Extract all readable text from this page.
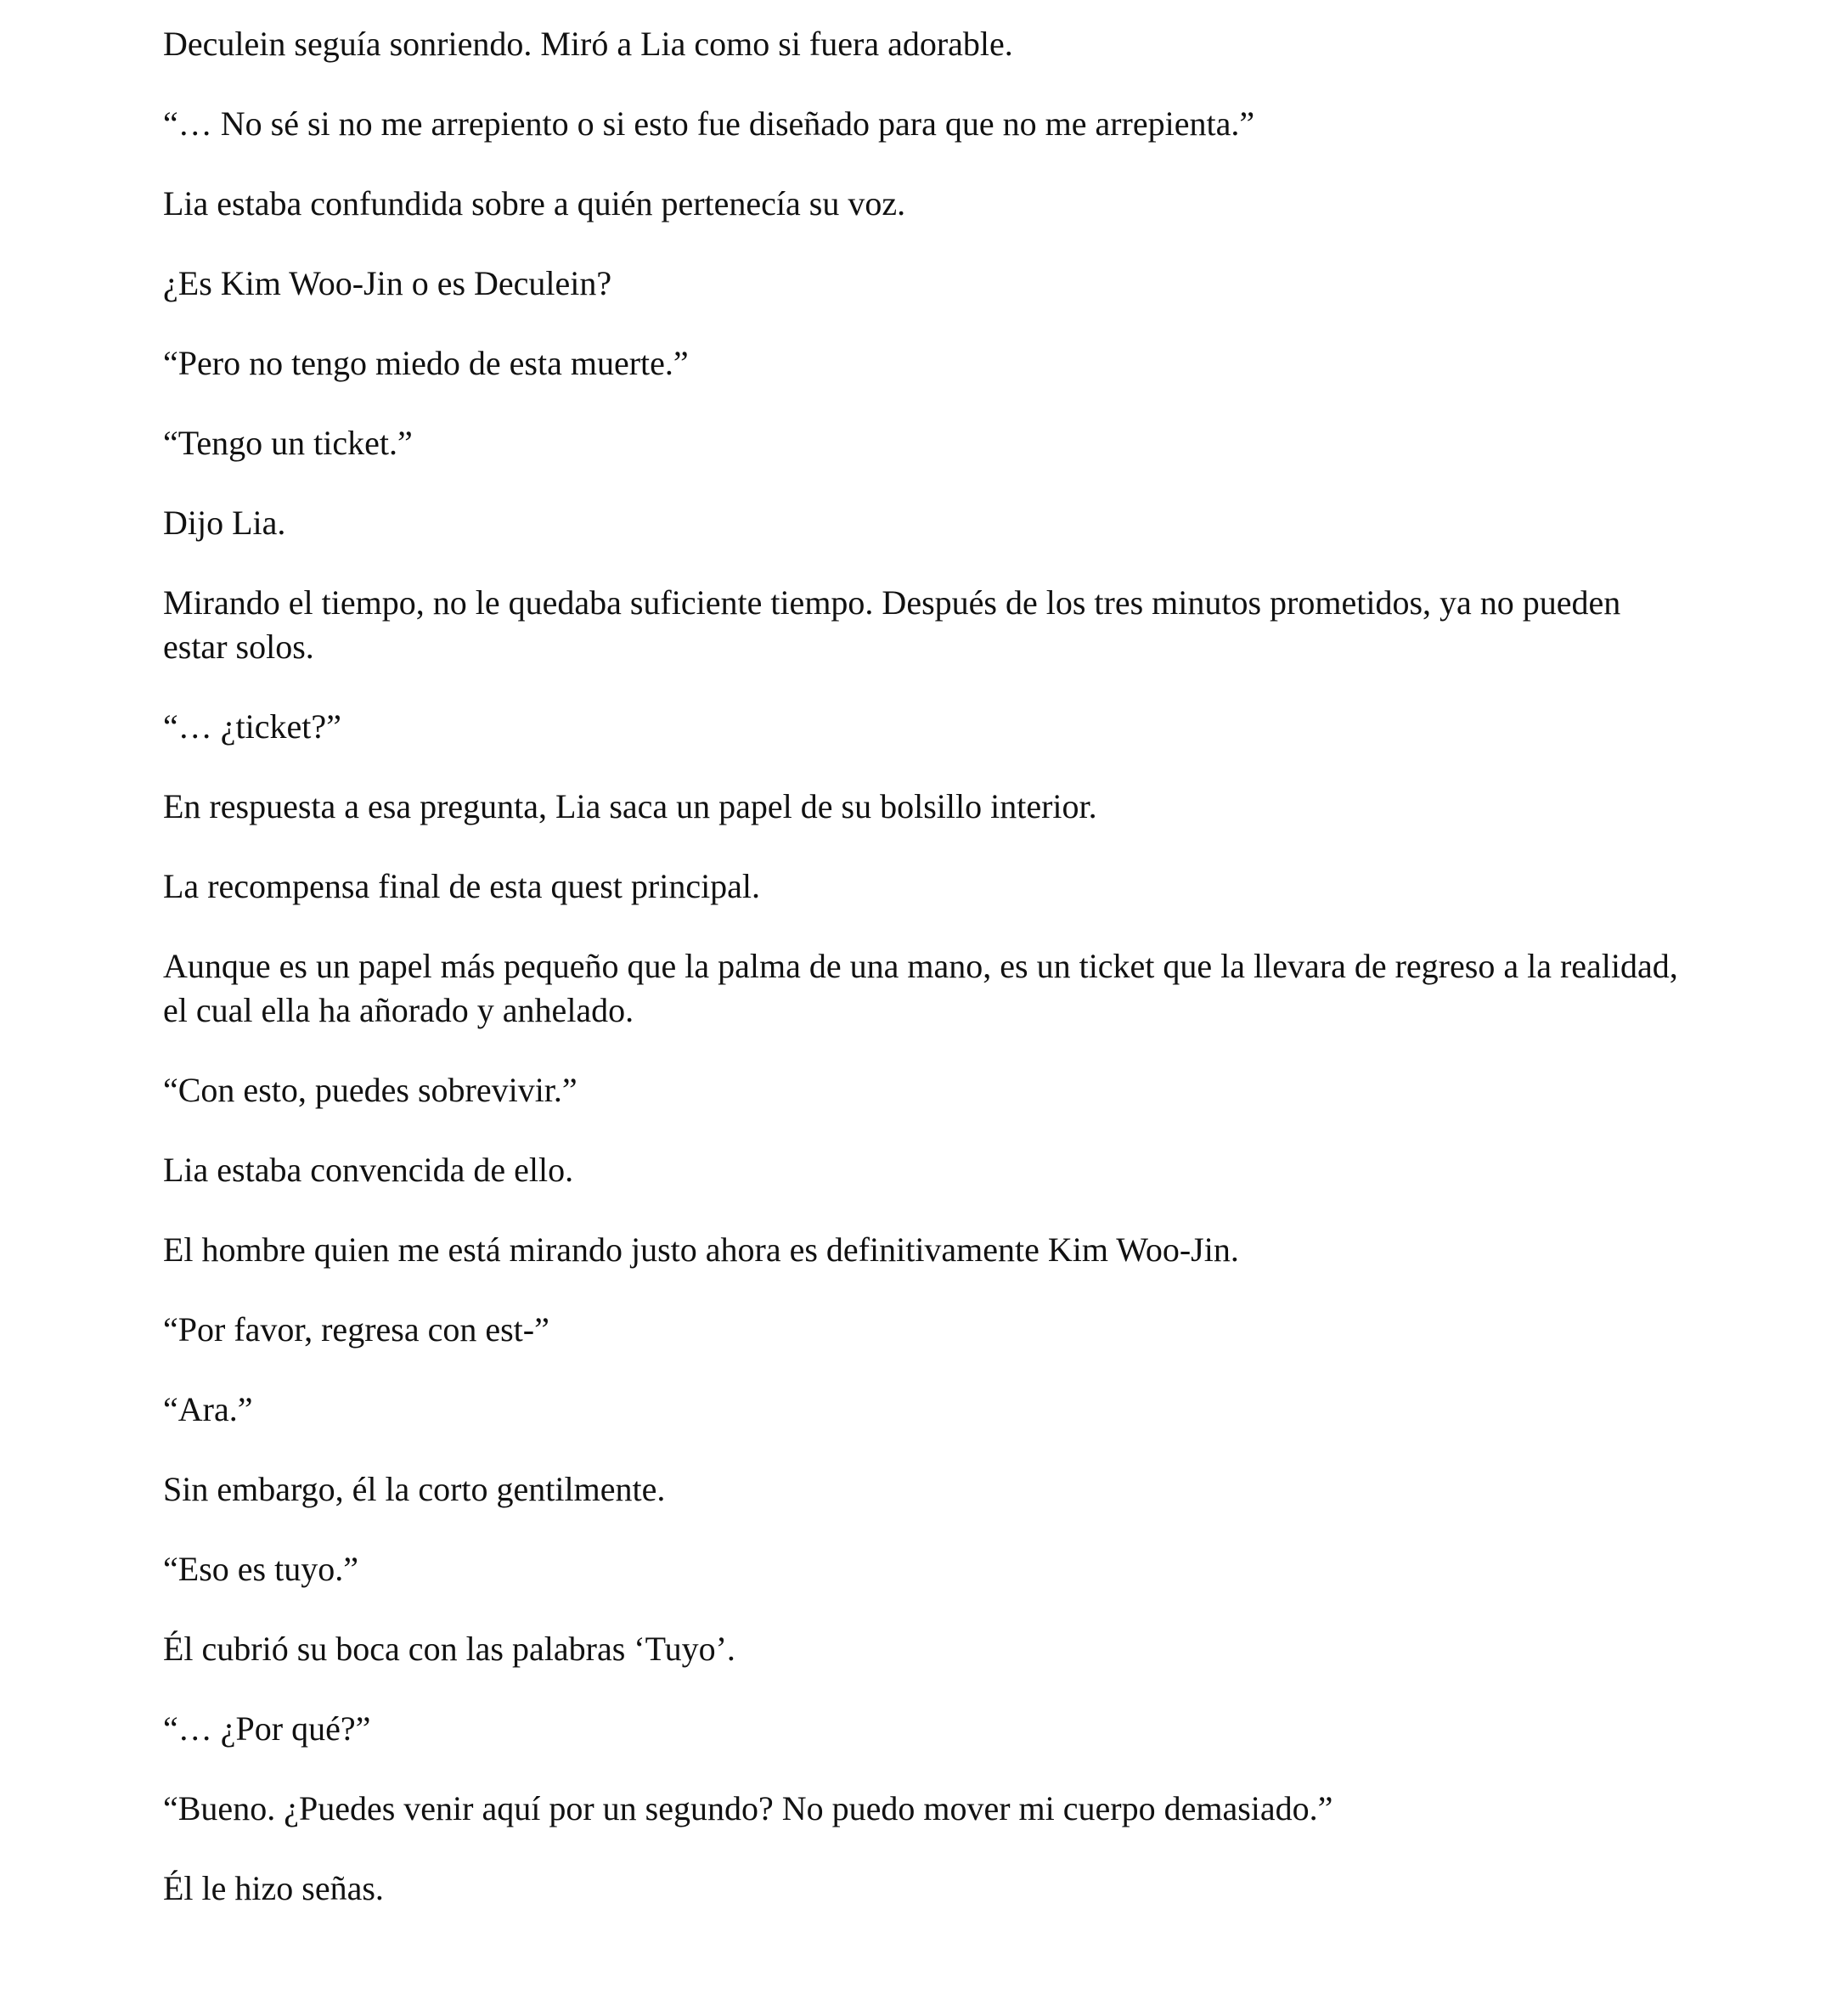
Deculein seguía sonriendo. Miró a Lia como si fuera adorable.

“… No sé si no me arrepiento o si esto fue diseñado para que no me arrepienta.”

Lia estaba confundida sobre a quién pertenecía su voz.

¿Es Kim Woo-Jin o es Deculein?

“Pero no tengo miedo de esta muerte.”

“Tengo un ticket.”

Dijo Lia.

Mirando el tiempo, no le quedaba suficiente tiempo. Después de los tres minutos prometidos, ya no pueden estar solos.

“… ¿ticket?”

En respuesta a esa pregunta, Lia saca un papel de su bolsillo interior.

La recompensa final de esta quest principal.

Aunque es un papel más pequeño que la palma de una mano, es un ticket que la llevara de regreso a la realidad, el cual ella ha añorado y anhelado.

“Con esto, puedes sobrevivir.”

Lia estaba convencida de ello.

El hombre quien me está mirando justo ahora es definitivamente Kim Woo-Jin.

“Por favor, regresa con est-”

“Ara.”

Sin embargo, él la corto gentilmente.

“Eso es tuyo.”

Él cubrió su boca con las palabras ‘Tuyo’.

“… ¿Por qué?”

“Bueno. ¿Puedes venir aquí por un segundo? No puedo mover mi cuerpo demasiado.”

Él le hizo señas.
